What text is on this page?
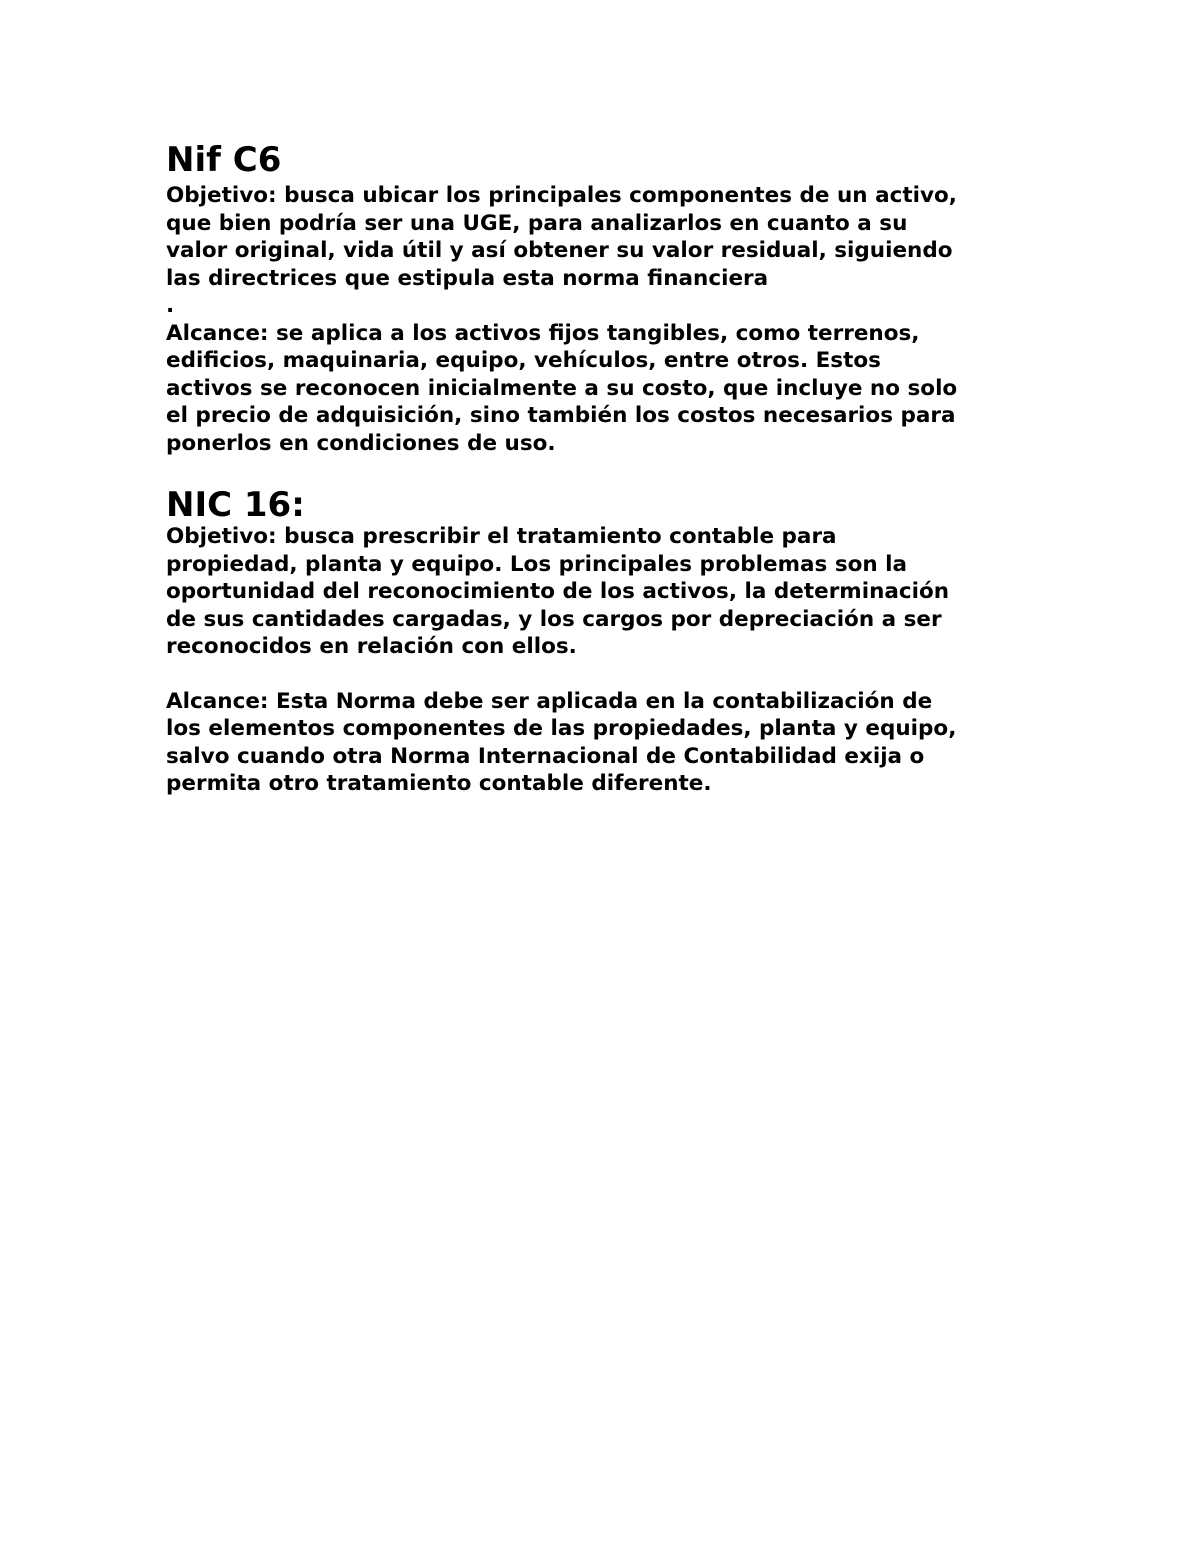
Nif C6

Objetivo: busca ubicar los principales componentes de un activo,
que bien podría ser una UGE, para analizarlos en cuanto a su
valor original, vida útil y así obtener su valor residual, siguiendo
las directrices que estipula esta norma financiera
.

Alcance: se aplica a los activos fijos tangibles, como terrenos,
edificios, maquinaria, equipo, vehículos, entre otros. Estos
activos se reconocen inicialmente a su costo, que incluye no solo
el precio de adquisición, sino también los costos necesarios para
ponerlos en condiciones de uso.

NIC 16:

Objetivo: busca prescribir el tratamiento contable para
propiedad, planta y equipo. Los principales problemas son la
oportunidad del reconocimiento de los activos, la determinación
de sus cantidades cargadas, y los cargos por depreciación a ser
reconocidos en relación con ellos.

Alcance: Esta Norma debe ser aplicada en la contabilización de
los elementos componentes de las propiedades, planta y equipo,
salvo cuando otra Norma Internacional de Contabilidad exija o
permita otro tratamiento contable diferente.
